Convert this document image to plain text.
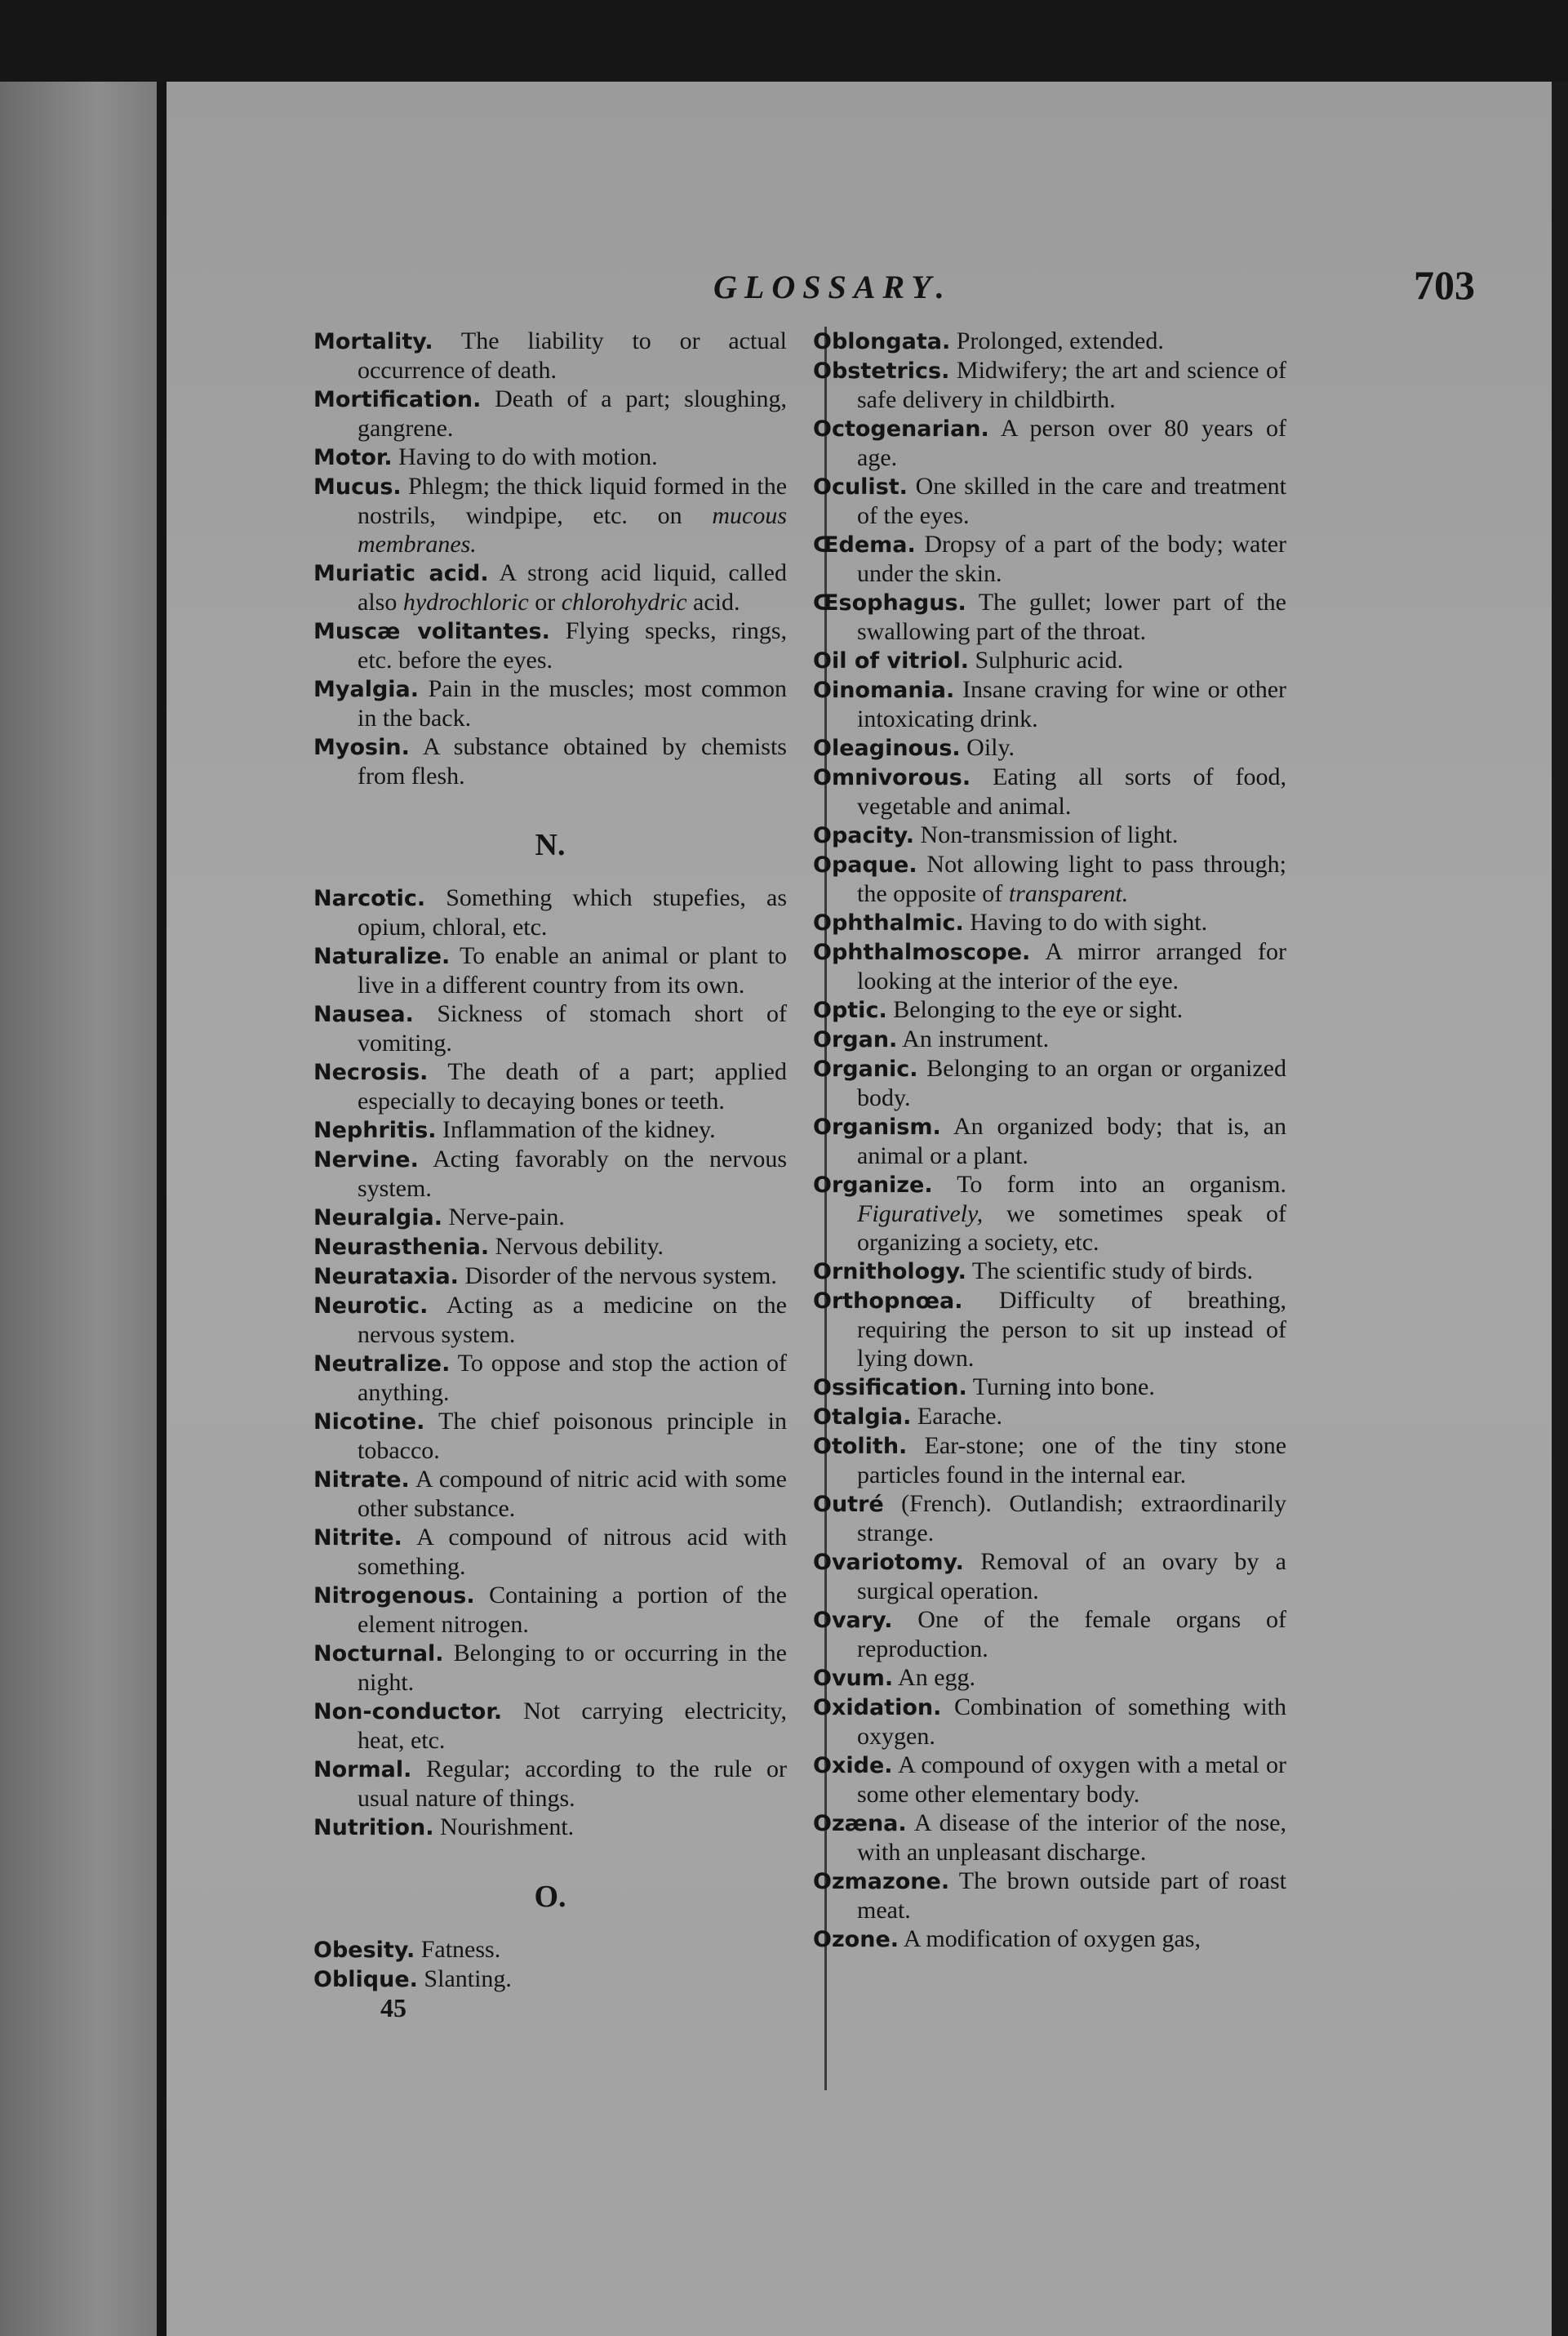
GLOSSARY.	703

Mortality. The liability to or actual occurrence of death.

Mortification. Death of a part; sloughing, gangrene.

Motor. Having to do with motion.

Mucus. Phlegm; the thick liquid formed in the nostrils, windpipe, etc. on mucous membranes.

Muriatic acid. A strong acid liquid, called also hydrochloric or chlorohydric acid.

Muscæ volitantes. Flying specks, rings, etc. before the eyes.

Myalgia. Pain in the muscles; most common in the back.

Myosin. A substance obtained by chemists from flesh.

N.

Narcotic. Something which stupefies, as opium, chloral, etc.

Naturalize. To enable an animal or plant to live in a different country from its own.

Nausea. Sickness of stomach short of vomiting.

Necrosis. The death of a part; applied especially to decaying bones or teeth.

Nephritis. Inflammation of the kidney.

Nervine. Acting favorably on the nervous system.

Neuralgia. Nerve-pain.

Neurasthenia. Nervous debility.

Neurataxia. Disorder of the nervous system.

Neurotic. Acting as a medicine on the nervous system.

Neutralize. To oppose and stop the action of anything.

Nicotine. The chief poisonous principle in tobacco.

Nitrate. A compound of nitric acid with some other substance.

Nitrite. A compound of nitrous acid with something.

Nitrogenous. Containing a portion of the element nitrogen.

Nocturnal. Belonging to or occurring in the night.

Non-conductor. Not carrying electricity, heat, etc.

Normal. Regular; according to the rule or usual nature of things.

Nutrition. Nourishment.

O.

Obesity. Fatness.

Oblique. Slanting.

45

Oblongata. Prolonged, extended.

Obstetrics. Midwifery; the art and science of safe delivery in childbirth.

Octogenarian. A person over 80 years of age.

Oculist. One skilled in the care and treatment of the eyes.

Œdema. Dropsy of a part of the body; water under the skin.

Œsophagus. The gullet; lower part of the swallowing part of the throat.

Oil of vitriol. Sulphuric acid.

Oinomania. Insane craving for wine or other intoxicating drink.

Oleaginous. Oily.

Omnivorous. Eating all sorts of food, vegetable and animal.

Opacity. Non-transmission of light.

Opaque. Not allowing light to pass through; the opposite of transparent.

Ophthalmic. Having to do with sight.

Ophthalmoscope. A mirror arranged for looking at the interior of the eye.

Optic. Belonging to the eye or sight.

Organ. An instrument.

Organic. Belonging to an organ or organized body.

Organism. An organized body; that is, an animal or a plant.

Organize. To form into an organism. Figuratively, we sometimes speak of organizing a society, etc.

Ornithology. The scientific study of birds.

Orthopnœa. Difficulty of breathing, requiring the person to sit up instead of lying down.

Ossification. Turning into bone.

Otalgia. Earache.

Otolith. Ear-stone; one of the tiny stone particles found in the internal ear.

Outré (French). Outlandish; extraordinarily strange.

Ovariotomy. Removal of an ovary by a surgical operation.

Ovary. One of the female organs of reproduction.

Ovum. An egg.

Oxidation. Combination of something with oxygen.

Oxide. A compound of oxygen with a metal or some other elementary body.

Ozæna. A disease of the interior of the nose, with an unpleasant discharge.

Ozmazone. The brown outside part of roast meat.

Ozone. A modification of oxygen gas,
